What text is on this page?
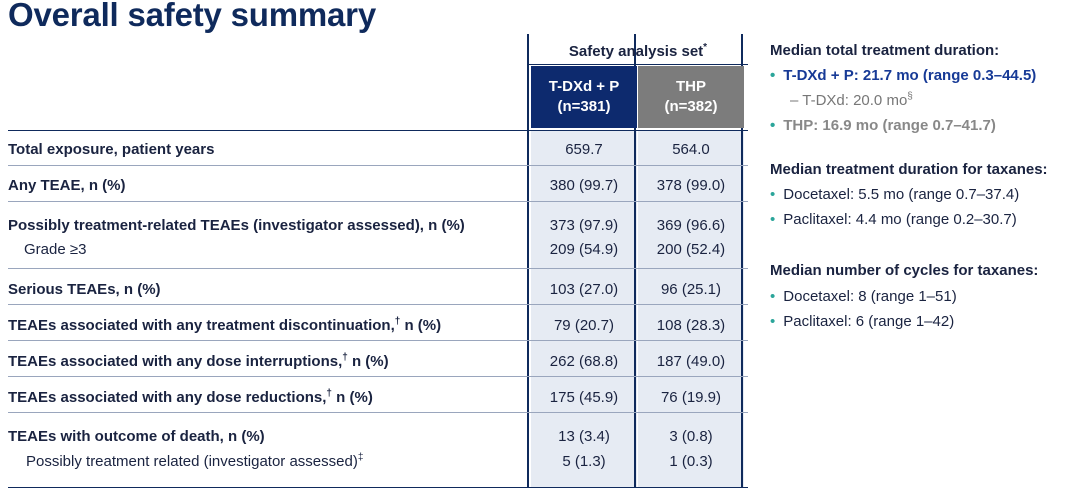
Overall safety summary
Safety analysis set*
T-DXd + P
(n=381)
THP
(n=382)
Total exposure, patient years	659.7	564.0
Any TEAE, n (%)	380 (99.7)	378 (99.0)
Possibly treatment-related TEAEs (investigator assessed), n (%)	373 (97.9)	369 (96.6)
Grade ≥3	209 (54.9)	200 (52.4)
Serious TEAEs, n (%)	103 (27.0)	96 (25.1)
TEAEs associated with any treatment discontinuation,† n (%)	79 (20.7)	108 (28.3)
TEAEs associated with any dose interruptions,† n (%)	262 (68.8)	187 (49.0)
TEAEs associated with any dose reductions,† n (%)	175 (45.9)	76 (19.9)
TEAEs with outcome of death, n (%)	13 (3.4)	3 (0.8)
Possibly treatment related (investigator assessed)‡	5 (1.3)	1 (0.3)
Median total treatment duration:
• T-DXd + P: 21.7 mo (range 0.3–44.5)
– T-DXd: 20.0 mo§
• THP: 16.9 mo (range 0.7–41.7)
Median treatment duration for taxanes:
• Docetaxel: 5.5 mo (range 0.7–37.4)
• Paclitaxel: 4.4 mo (range 0.2–30.7)
Median number of cycles for taxanes:
• Docetaxel: 8 (range 1–51)
• Paclitaxel: 6 (range 1–42)
